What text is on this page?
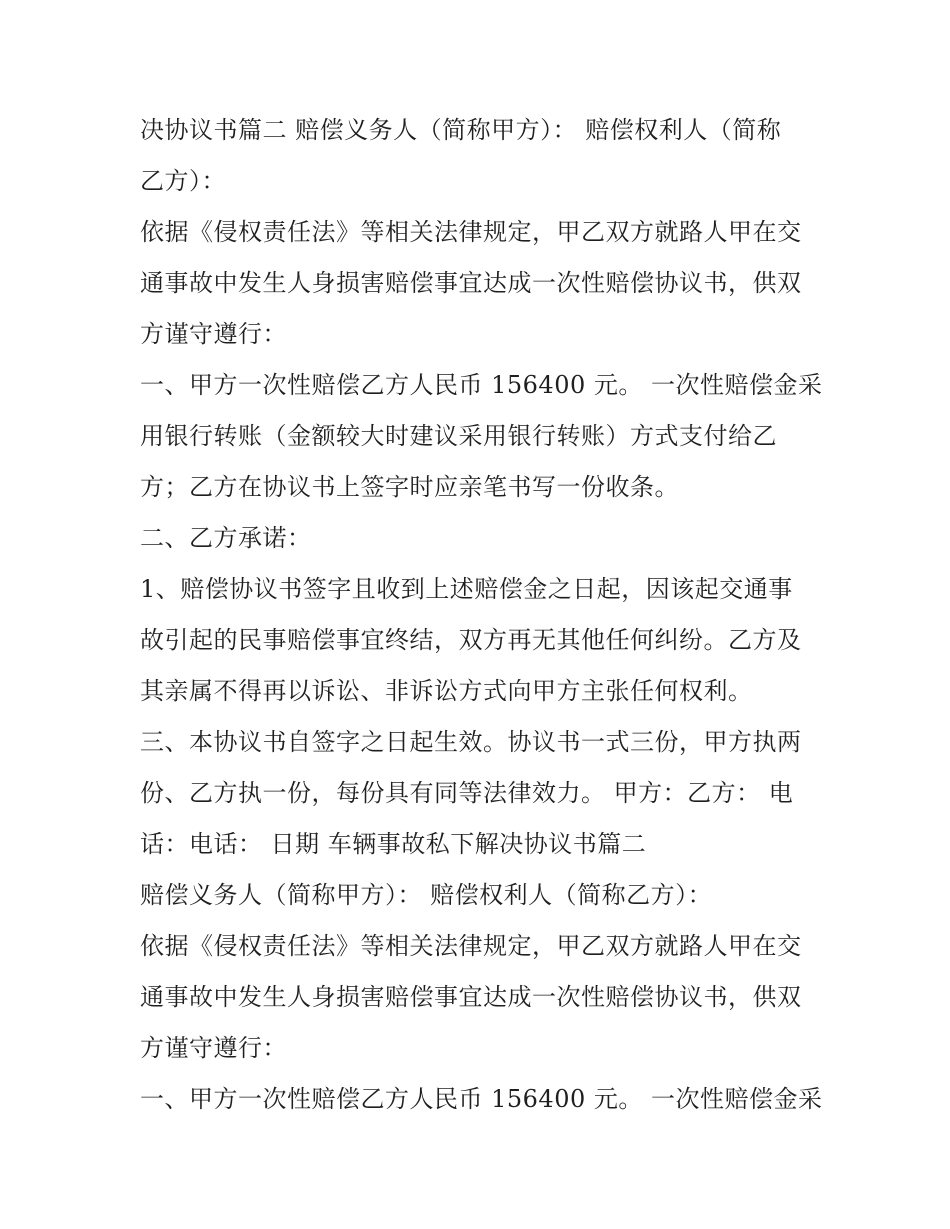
决协议书篇二 赔偿义务人（简称甲方）： 赔偿权利人（简称
乙方）：
依据《侵权责任法》等相关法律规定，甲乙双方就路人甲在交
通事故中发生人身损害赔偿事宜达成一次性赔偿协议书，供双
方谨守遵行：
一、甲方一次性赔偿乙方人民币 156400 元。 一次性赔偿金采
用银行转账（金额较大时建议采用银行转账）方式支付给乙
方；乙方在协议书上签字时应亲笔书写一份收条。
二、乙方承诺：
1、赔偿协议书签字且收到上述赔偿金之日起，因该起交通事
故引起的民事赔偿事宜终结，双方再无其他任何纠纷。乙方及
其亲属不得再以诉讼、非诉讼方式向甲方主张任何权利。
三、本协议书自签字之日起生效。协议书一式三份，甲方执两
份、乙方执一份，每份具有同等法律效力。 甲方：乙方： 电
话：电话： 日期 车辆事故私下解决协议书篇二
赔偿义务人（简称甲方）： 赔偿权利人（简称乙方）：
依据《侵权责任法》等相关法律规定，甲乙双方就路人甲在交
通事故中发生人身损害赔偿事宜达成一次性赔偿协议书，供双
方谨守遵行：
一、甲方一次性赔偿乙方人民币 156400 元。 一次性赔偿金采
